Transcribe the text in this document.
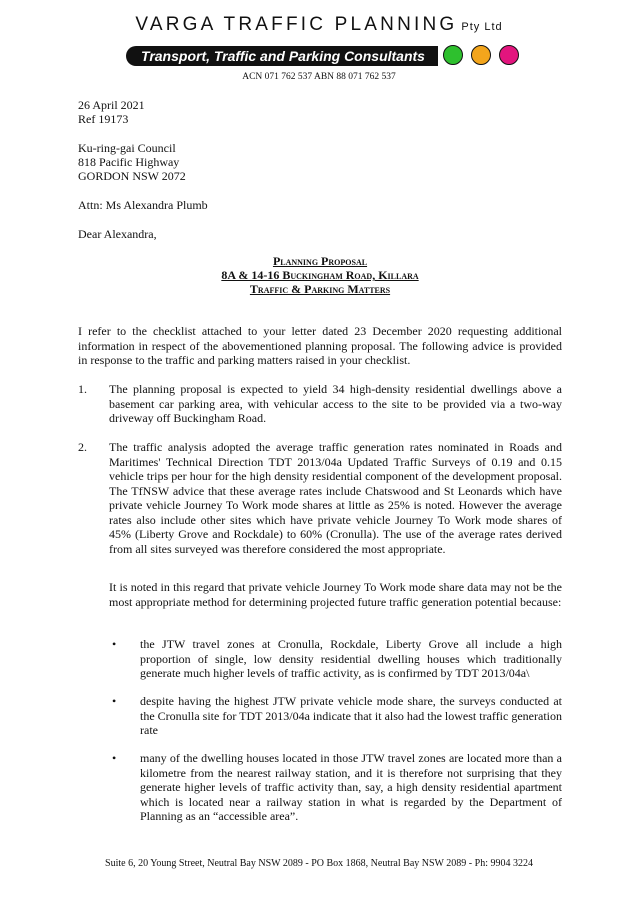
VARGA TRAFFIC PLANNING Pty Ltd
Transport, Traffic and Parking Consultants
ACN 071 762 537 ABN 88 071 762 537
26 April 2021
Ref 19173
Ku-ring-gai Council
818 Pacific Highway
GORDON NSW 2072
Attn: Ms Alexandra Plumb
Dear Alexandra,
Planning Proposal
8A & 14-16 Buckingham Road, Killara
Traffic & Parking Matters
I refer to the checklist attached to your letter dated 23 December 2020 requesting additional information in respect of the abovementioned planning proposal. The following advice is provided in response to the traffic and parking matters raised in your checklist.
1. The planning proposal is expected to yield 34 high-density residential dwellings above a basement car parking area, with vehicular access to the site to be provided via a two-way driveway off Buckingham Road.
2. The traffic analysis adopted the average traffic generation rates nominated in Roads and Maritimes' Technical Direction TDT 2013/04a Updated Traffic Surveys of 0.19 and 0.15 vehicle trips per hour for the high density residential component of the development proposal. The TfNSW advice that these average rates include Chatswood and St Leonards which have private vehicle Journey To Work mode shares at little as 25% is noted. However the average rates also include other sites which have private vehicle Journey To Work mode shares of 45% (Liberty Grove and Rockdale) to 60% (Cronulla). The use of the average rates derived from all sites surveyed was therefore considered the most appropriate.
It is noted in this regard that private vehicle Journey To Work mode share data may not be the most appropriate method for determining projected future traffic generation potential because:
• the JTW travel zones at Cronulla, Rockdale, Liberty Grove all include a high proportion of single, low density residential dwelling houses which traditionally generate much higher levels of traffic activity, as is confirmed by TDT 2013/04a\
• despite having the highest JTW private vehicle mode share, the surveys conducted at the Cronulla site for TDT 2013/04a indicate that it also had the lowest traffic generation rate
• many of the dwelling houses located in those JTW travel zones are located more than a kilometre from the nearest railway station, and it is therefore not surprising that they generate higher levels of traffic activity than, say, a high density residential apartment which is located near a railway station in what is regarded by the Department of Planning as an “accessible area”.
Suite 6, 20 Young Street, Neutral Bay NSW 2089 - PO Box 1868, Neutral Bay NSW 2089 - Ph: 9904 3224
